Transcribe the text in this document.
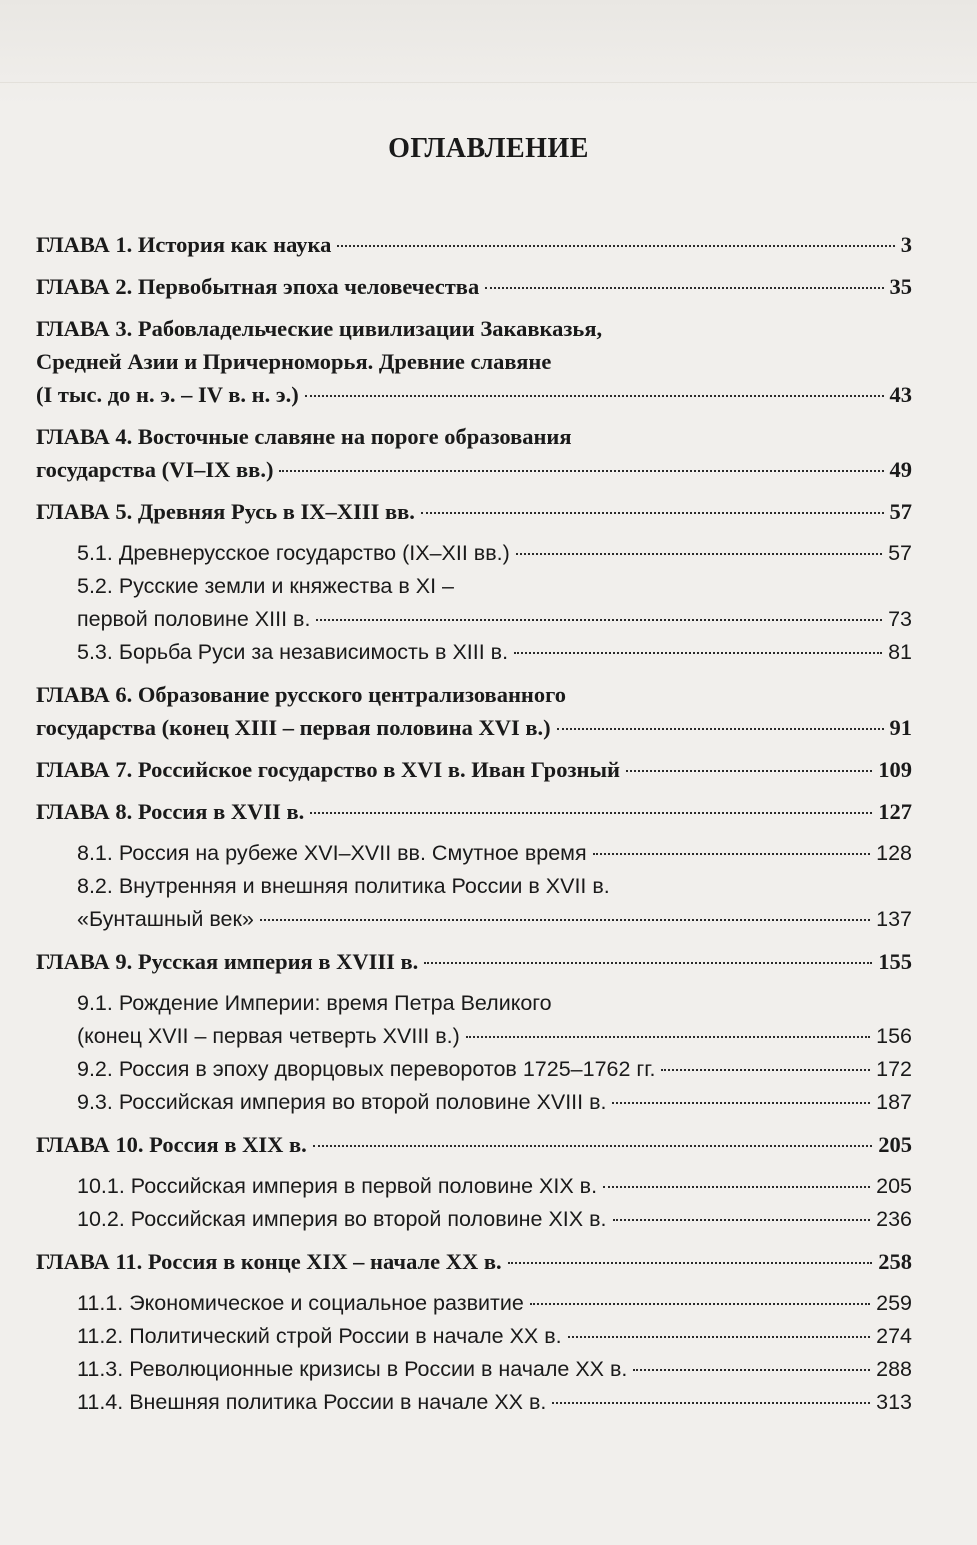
ОГЛАВЛЕНИЕ
ГЛАВА 1. История как наука	3
ГЛАВА 2. Первобытная эпоха человечества	35
ГЛАВА 3. Рабовладельческие цивилизации Закавказья,
Средней Азии и Причерноморья. Древние славяне
(I тыс. до н. э. – IV в. н. э.)	43
ГЛАВА 4. Восточные славяне на пороге образования
государства (VI–IX вв.)	49
ГЛАВА 5. Древняя Русь в IX–XIII вв.	57
5.1. Древнерусское государство (IX–XII вв.)	57
5.2. Русские земли и княжества в XI –
первой половине XIII в.	73
5.3. Борьба Руси за независимость в XIII в.	81
ГЛАВА 6. Образование русского централизованного
государства (конец XIII – первая половина XVI в.)	91
ГЛАВА 7. Российское государство в XVI в. Иван Грозный	109
ГЛАВА 8. Россия в XVII в.	127
8.1. Россия на рубеже XVI–XVII вв. Смутное время	128
8.2. Внутренняя и внешняя политика России в XVII в.
«Бунташный век»	137
ГЛАВА 9. Русская империя в XVIII в.	155
9.1. Рождение Империи: время Петра Великого
(конец XVII – первая четверть XVIII в.)	156
9.2. Россия в эпоху дворцовых переворотов 1725–1762 гг.	172
9.3. Российская империя во второй половине XVIII в.	187
ГЛАВА 10. Россия в XIX в.	205
10.1. Российская империя в первой половине XIX в.	205
10.2. Российская империя во второй половине XIX в.	236
ГЛАВА 11. Россия в конце XIX – начале XX в.	258
11.1. Экономическое и социальное развитие	259
11.2. Политический строй России в начале XX в.	274
11.3. Революционные кризисы в России в начале XX в.	288
11.4. Внешняя политика России в начале XX в.	313
